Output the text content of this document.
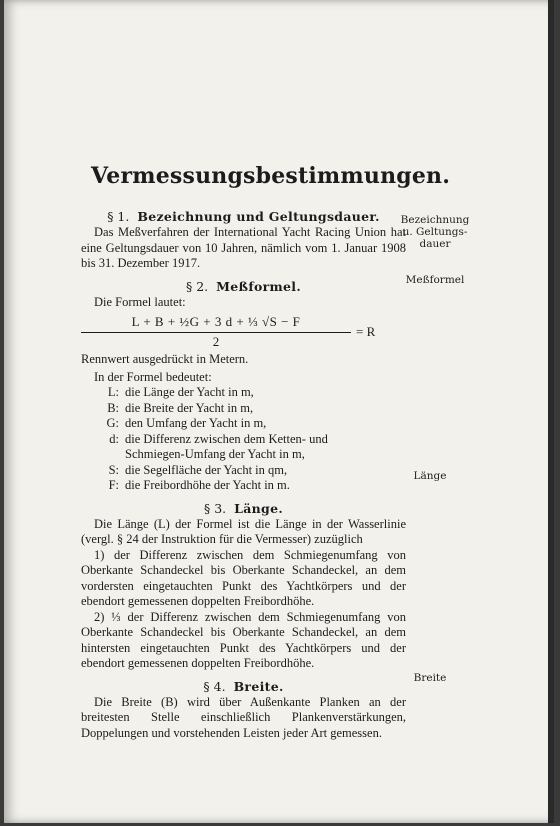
Vermessungsbestimmungen.
§ 1. Bezeichnung und Geltungsdauer.

Das Meßverfahren der International Yacht Racing Union hat eine Geltungsdauer von 10 Jahren, nämlich vom 1. Januar 1908 bis 31. Dezember 1917.

§ 2. Meßformel.

Die Formel lautet:

L + B + ½G + 3 d + ⅓ √S − F
2
= R

Rennwert ausgedrückt in Metern.

In der Formel bedeutet:

L: die Länge der Yacht in m,
B: die Breite der Yacht in m,
G: den Umfang der Yacht in m,
d: die Differenz zwischen dem Ketten- und
Schmiegen-Umfang der Yacht in m,
S: die Segelfläche der Yacht in qm,
F: die Freibordhöhe der Yacht in m.
§ 3. Länge.

Die Länge (L) der Formel ist die Länge in der Wasserlinie (vergl. § 24 der Instruktion für die Vermesser) zuzüglich

1) der Differenz zwischen dem Schmiegenumfang von Oberkante Schandeckel bis Oberkante Schandeckel, an dem vordersten eingetauchten Punkt des Yachtkörpers und der ebendort gemessenen doppelten Freibordhöhe.

2) ⅓ der Differenz zwischen dem Schmiegenumfang von Oberkante Schandeckel bis Oberkante Schandeckel, an dem hintersten eingetauchten Punkt des Yachtkörpers und der ebendort gemessenen doppelten Freibordhöhe.

§ 4. Breite.

Die Breite (B) wird über Außenkante Planken an der breitesten Stelle einschließlich Plankenverstärkungen, Doppelungen und vorstehenden Leisten jeder Art gemessen.

Bezeichnung u. Geltungs-dauer
Meßformel
Länge
Breite
